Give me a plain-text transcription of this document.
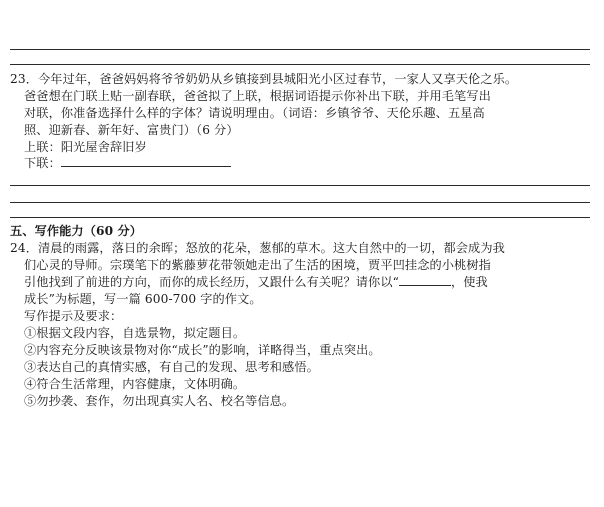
23．今年过年，爸爸妈妈将爷爷奶奶从乡镇接到县城阳光小区过春节，一家人又享天伦之乐。
爸爸想在门联上贴一副春联，爸爸拟了上联，根据词语提示你补出下联，并用毛笔写出
对联，你准备选择什么样的字体？请说明理由。（词语：乡镇爷爷、天伦乐趣、五星高
照、迎新春、新年好、富贵门）（6 分）
上联：阳光屋舍辞旧岁
下联：
五、写作能力（60 分）
24．清晨的雨露，落日的余晖；怒放的花朵，葱郁的草木。这大自然中的一切，都会成为我
们心灵的导师。宗璞笔下的紫藤萝花带领她走出了生活的困境，贾平凹挂念的小桃树指
引他找到了前进的方向，而你的成长经历，又跟什么有关呢？请你以“	，使我
成长”为标题，写一篇 600-700 字的作文。
写作提示及要求：
①根据文段内容，自选景物，拟定题目。
②内容充分反映该景物对你“成长”的影响，详略得当，重点突出。
③表达自己的真情实感，有自己的发现、思考和感悟。
④符合生活常理，内容健康，文体明确。
⑤勿抄袭、套作，勿出现真实人名、校名等信息。
